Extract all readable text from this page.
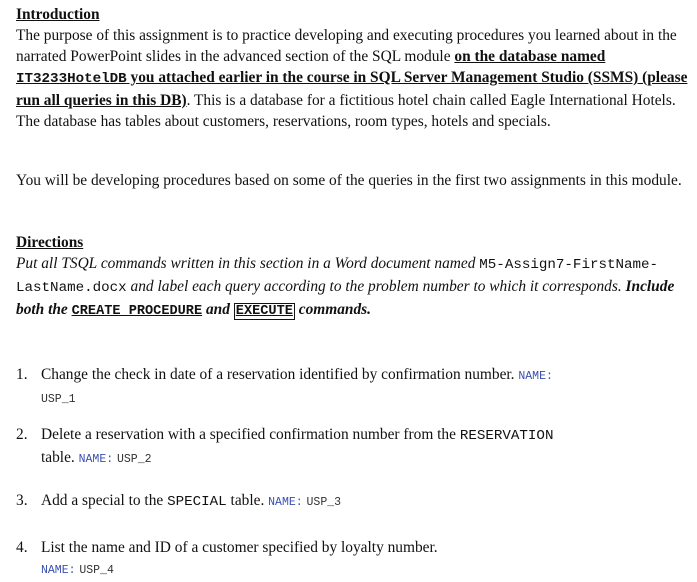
Introduction

The purpose of this assignment is to practice developing and executing procedures you learned about in the narrated PowerPoint slides in the advanced section of the SQL module on the database named IT3233HotelDB you attached earlier in the course in SQL Server Management Studio (SSMS) (please run all queries in this DB). This is a database for a fictitious hotel chain called Eagle International Hotels. The database has tables about customers, reservations, room types, hotels and specials.

You will be developing procedures based on some of the queries in the first two assignments in this module.

Directions

Put all TSQL commands written in this section in a Word document named M5-Assign7-FirstName-LastName.docx and label each query according to the problem number to which it corresponds. Include both the CREATE PROCEDURE and EXECUTE commands.

1. Change the check in date of a reservation identified by confirmation number. NAME:
USP_1
2. Delete a reservation with a specified confirmation number from the RESERVATION
table. NAME: USP_2
3. Add a special to the SPECIAL table. NAME: USP_3
4. List the name and ID of a customer specified by loyalty number.
NAME: USP_4
